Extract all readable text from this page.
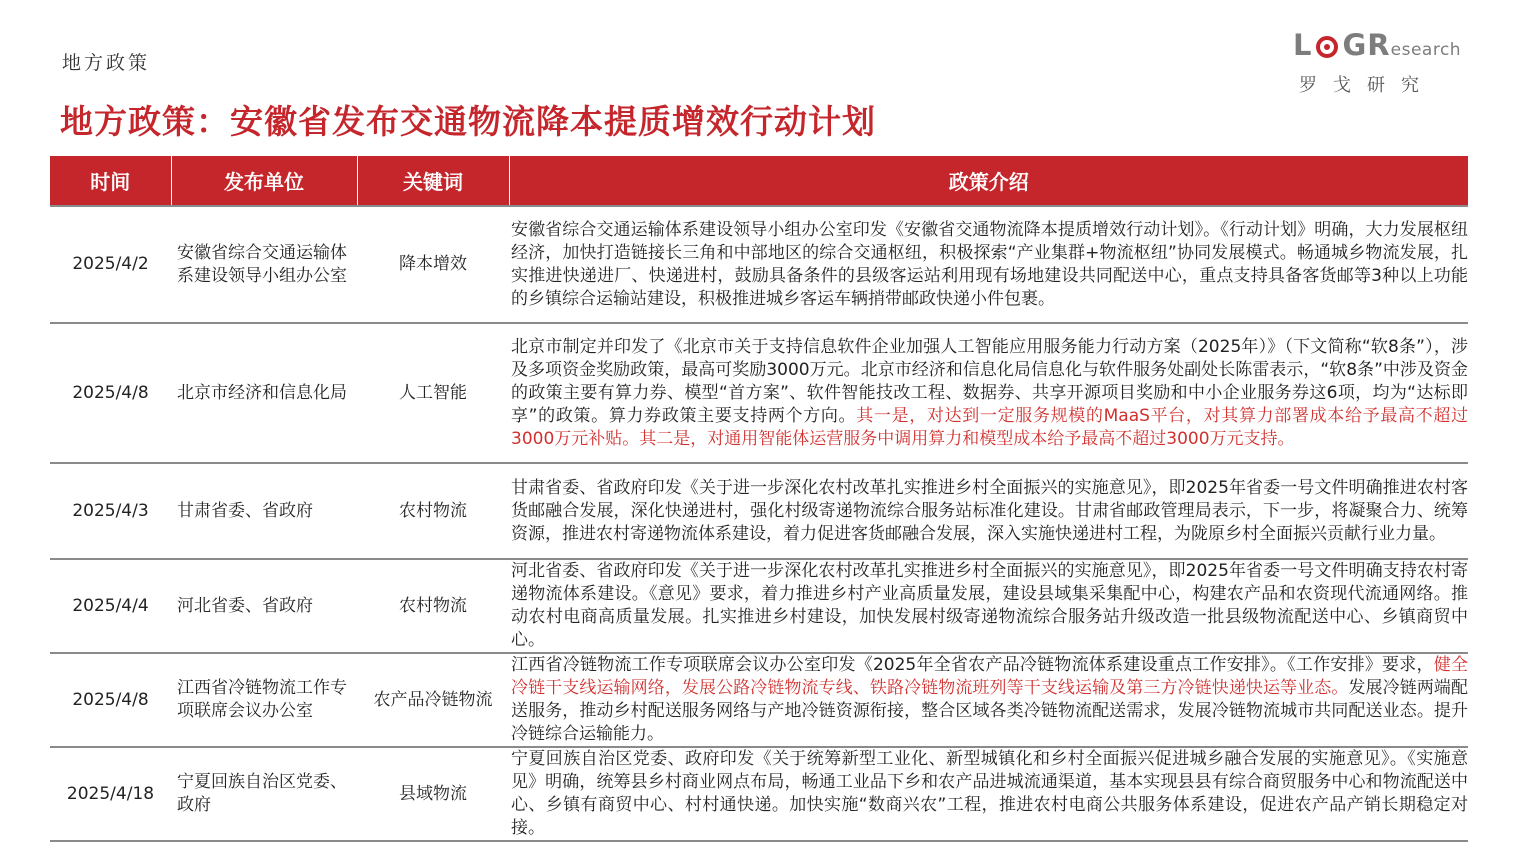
地方政策
地方政策：安徽省发布交通物流降本提质增效行动计划
L GResearch
罗戈研究
时间	发布单位	关键词	政策介绍
2025/4/2	安徽省综合交通运输体系建设领导小组办公室	降本增效	安徽省综合交通运输体系建设领导小组办公室印发《安徽省交通物流降本提质增效行动计划》。《行动计划》明确，大力发展枢纽经济，加快打造链接长三角和中部地区的综合交通枢纽，积极探索“产业集群+物流枢纽”协同发展模式。畅通城乡物流发展，扎实推进快递进厂、快递进村，鼓励具备条件的县级客运站利用现有场地建设共同配送中心，重点支持具备客货邮等3种以上功能的乡镇综合运输站建设，积极推进城乡客运车辆捎带邮政快递小件包裹。
2025/4/8	北京市经济和信息化局	人工智能	北京市制定并印发了《北京市关于支持信息软件企业加强人工智能应用服务能力行动方案（2025年）》（下文简称“软8条”），涉及多项资金奖励政策，最高可奖励3000万元。北京市经济和信息化局信息化与软件服务处副处长陈雷表示，“软8条”中涉及资金的政策主要有算力券、模型“首方案”、软件智能技改工程、数据券、共享开源项目奖励和中小企业服务券这6项，均为“达标即享”的政策。算力券政策主要支持两个方向。其一是，对达到一定服务规模的MaaS平台，对其算力部署成本给予最高不超过3000万元补贴。其二是，对通用智能体运营服务中调用算力和模型成本给予最高不超过3000万元支持。
2025/4/3	甘肃省委、省政府	农村物流	甘肃省委、省政府印发《关于进一步深化农村改革扎实推进乡村全面振兴的实施意见》，即2025年省委一号文件明确推进农村客货邮融合发展，深化快递进村，强化村级寄递物流综合服务站标准化建设。甘肃省邮政管理局表示，下一步，将凝聚合力、统筹资源，推进农村寄递物流体系建设，着力促进客货邮融合发展，深入实施快递进村工程，为陇原乡村全面振兴贡献行业力量。
2025/4/4	河北省委、省政府	农村物流	河北省委、省政府印发《关于进一步深化农村改革扎实推进乡村全面振兴的实施意见》，即2025年省委一号文件明确支持农村寄递物流体系建设。《意见》要求，着力推进乡村产业高质量发展，建设县域集采集配中心，构建农产品和农资现代流通网络。推动农村电商高质量发展。扎实推进乡村建设，加快发展村级寄递物流综合服务站升级改造一批县级物流配送中心、乡镇商贸中心。
2025/4/8	江西省冷链物流工作专项联席会议办公室	农产品冷链物流	江西省冷链物流工作专项联席会议办公室印发《2025年全省农产品冷链物流体系建设重点工作安排》。《工作安排》要求，健全冷链干支线运输网络，发展公路冷链物流专线、铁路冷链物流班列等干支线运输及第三方冷链快递快运等业态。发展冷链两端配送服务，推动乡村配送服务网络与产地冷链资源衔接，整合区域各类冷链物流配送需求，发展冷链物流城市共同配送业态。提升冷链综合运输能力。
2025/4/18	宁夏回族自治区党委、政府	县域物流	宁夏回族自治区党委、政府印发《关于统筹新型工业化、新型城镇化和乡村全面振兴促进城乡融合发展的实施意见》。《实施意见》明确，统筹县乡村商业网点布局，畅通工业品下乡和农产品进城流通渠道，基本实现县县有综合商贸服务中心和物流配送中心、乡镇有商贸中心、村村通快递。加快实施“数商兴农”工程，推进农村电商公共服务体系建设，促进农产品产销长期稳定对接。
